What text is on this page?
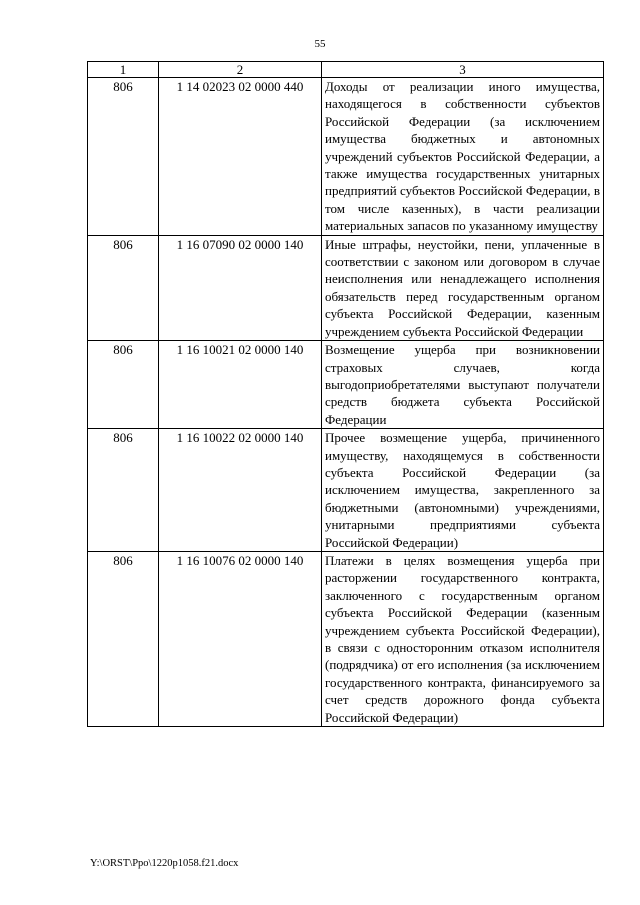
55
1	2	3
806	1 14 02023 02 0000 440	Доходы от реализации иного имущества, находящегося в собственности субъектов Российской Федерации (за исключением имущества бюджетных и автономных учреждений субъектов Российской Федерации, а также имущества государственных унитарных предприятий субъектов Российской Федерации, в том числе казенных), в части реализации материальных запасов по указанному имуществу
806	1 16 07090 02 0000 140	Иные штрафы, неустойки, пени, уплаченные в соответствии с законом или договором в случае неисполнения или ненадлежащего исполнения обязательств перед государственным органом субъекта Российской Федерации, казенным учреждением субъекта Российской Федерации
806	1 16 10021 02 0000 140	Возмещение ущерба при возникновении страховых случаев, когда выгодоприобретателями выступают получатели средств бюджета субъекта Российской Федерации
806	1 16 10022 02 0000 140	Прочее возмещение ущерба, причиненного имуществу, находящемуся в собственности субъекта Российской Федерации (за исключением имущества, закрепленного за бюджетными (автономными) учреждениями, унитарными предприятиями субъекта Российской Федерации)
806	1 16 10076 02 0000 140	Платежи в целях возмещения ущерба при расторжении государственного контракта, заключенного с государственным органом субъекта Российской Федерации (казенным учреждением субъекта Российской Федерации), в связи с односторонним отказом исполнителя (подрядчика) от его исполнения (за исключением государственного контракта, финансируемого за счет средств дорожного фонда субъекта Российской Федерации)
Y:\ORST\Ppo\1220p1058.f21.docx
